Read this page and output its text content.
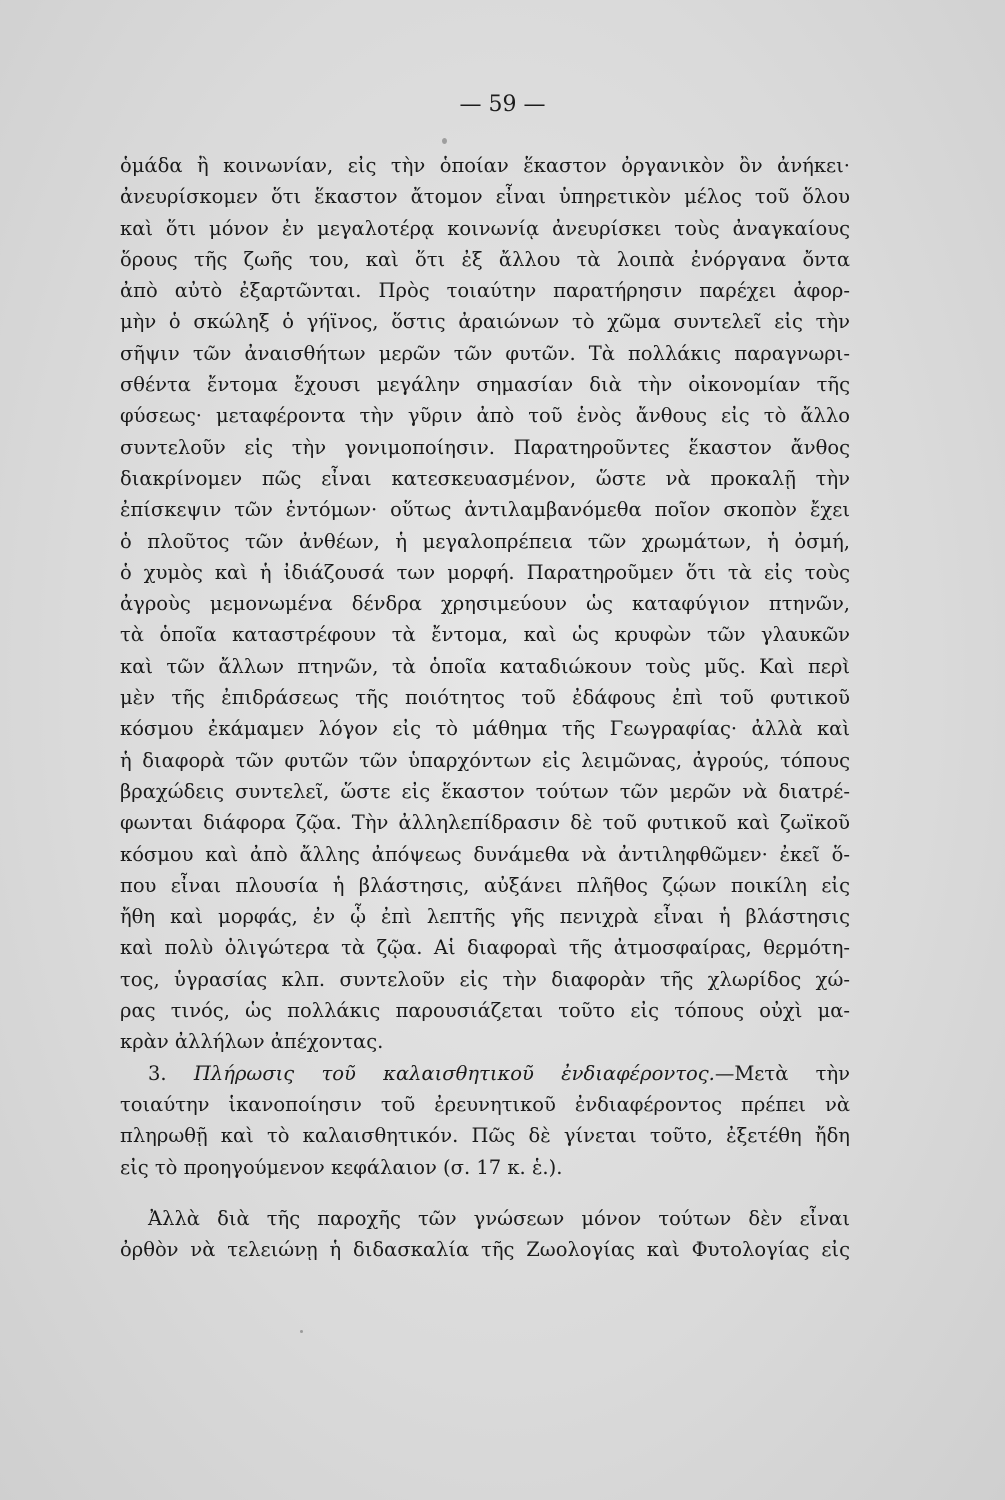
— 59 —
ὁμάδα ἢ κοινωνίαν, εἰς τὴν ὁποίαν ἕκαστον ὀργανικὸν ὂν ἀνήκει·
ἀνευρίσκομεν ὅτι ἕκαστον ἄτομον εἶναι ὑπηρετικὸν μέλος τοῦ ὅλου
καὶ ὅτι μόνον ἐν μεγαλοτέρᾳ κοινωνίᾳ ἀνευρίσκει τοὺς ἀναγκαίους
ὅρους τῆς ζωῆς του, καὶ ὅτι ἐξ ἄλλου τὰ λοιπὰ ἐνόργανα ὄντα
ἀπὸ αὐτὸ ἐξαρτῶνται. Πρὸς τοιαύτην παρατήρησιν παρέχει ἀφορ-
μὴν ὁ σκώληξ ὁ γήϊνος, ὅστις ἀραιώνων τὸ χῶμα συντελεῖ εἰς τὴν
σῆψιν τῶν ἀναισθήτων μερῶν τῶν φυτῶν. Τὰ πολλάκις παραγνωρι-
σθέντα ἔντομα ἔχουσι μεγάλην σημασίαν διὰ τὴν οἰκονομίαν τῆς
φύσεως· μεταφέροντα τὴν γῦριν ἀπὸ τοῦ ἑνὸς ἄνθους εἰς τὸ ἄλλο
συντελοῦν εἰς τὴν γονιμοποίησιν. Παρατηροῦντες ἕκαστον ἄνθος
διακρίνομεν πῶς εἶναι κατεσκευασμένον, ὥστε νὰ προκαλῇ τὴν
ἐπίσκεψιν τῶν ἐντόμων· οὕτως ἀντιλαμβανόμεθα ποῖον σκοπὸν ἔχει
ὁ πλοῦτος τῶν ἀνθέων, ἡ μεγαλοπρέπεια τῶν χρωμάτων, ἡ ὀσμή,
ὁ χυμὸς καὶ ἡ ἰδιάζουσά των μορφή. Παρατηροῦμεν ὅτι τὰ εἰς τοὺς
ἀγροὺς μεμονωμένα δένδρα χρησιμεύουν ὡς καταφύγιον πτηνῶν,
τὰ ὁποῖα καταστρέφουν τὰ ἔντομα, καὶ ὡς κρυφὼν τῶν γλαυκῶν
καὶ τῶν ἄλλων πτηνῶν, τὰ ὁποῖα καταδιώκουν τοὺς μῦς. Καὶ περὶ
μὲν τῆς ἐπιδράσεως τῆς ποιότητος τοῦ ἐδάφους ἐπὶ τοῦ φυτικοῦ
κόσμου ἐκάμαμεν λόγον εἰς τὸ μάθημα τῆς Γεωγραφίας· ἀλλὰ καὶ
ἡ διαφορὰ τῶν φυτῶν τῶν ὑπαρχόντων εἰς λειμῶνας, ἀγρούς, τόπους
βραχώδεις συντελεῖ, ὥστε εἰς ἕκαστον τούτων τῶν μερῶν νὰ διατρέ-
φωνται διάφορα ζῷα. Τὴν ἀλληλεπίδρασιν δὲ τοῦ φυτικοῦ καὶ ζωϊκοῦ
κόσμου καὶ ἀπὸ ἄλλης ἀπόψεως δυνάμεθα νὰ ἀντιληφθῶμεν· ἐκεῖ ὅ-
που εἶναι πλουσία ἡ βλάστησις, αὐξάνει πλῆθος ζῴων ποικίλη εἰς
ἤθη καὶ μορφάς, ἐν ᾧ ἐπὶ λεπτῆς γῆς πενιχρὰ εἶναι ἡ βλάστησις
καὶ πολὺ ὀλιγώτερα τὰ ζῷα. Αἱ διαφοραὶ τῆς ἀτμοσφαίρας, θερμότη-
τος, ὑγρασίας κλπ. συντελοῦν εἰς τὴν διαφορὰν τῆς χλωρίδος χώ-
ρας τινός, ὡς πολλάκις παρουσιάζεται τοῦτο εἰς τόπους οὐχὶ μα-
κρὰν ἀλλήλων ἀπέχοντας.
3. Πλήρωσις τοῦ καλαισθητικοῦ ἐνδιαφέροντος.—Μετὰ τὴν
τοιαύτην ἱκανοποίησιν τοῦ ἐρευνητικοῦ ἐνδιαφέροντος πρέπει νὰ
πληρωθῇ καὶ τὸ καλαισθητικόν. Πῶς δὲ γίνεται τοῦτο, ἐξετέθη ἤδη
εἰς τὸ προηγούμενον κεφάλαιον (σ. 17 κ. ἑ.).
Ἀλλὰ διὰ τῆς παροχῆς τῶν γνώσεων μόνον τούτων δὲν εἶναι
ὀρθὸν νὰ τελειώνῃ ἡ διδασκαλία τῆς Ζωολογίας καὶ Φυτολογίας εἰς
